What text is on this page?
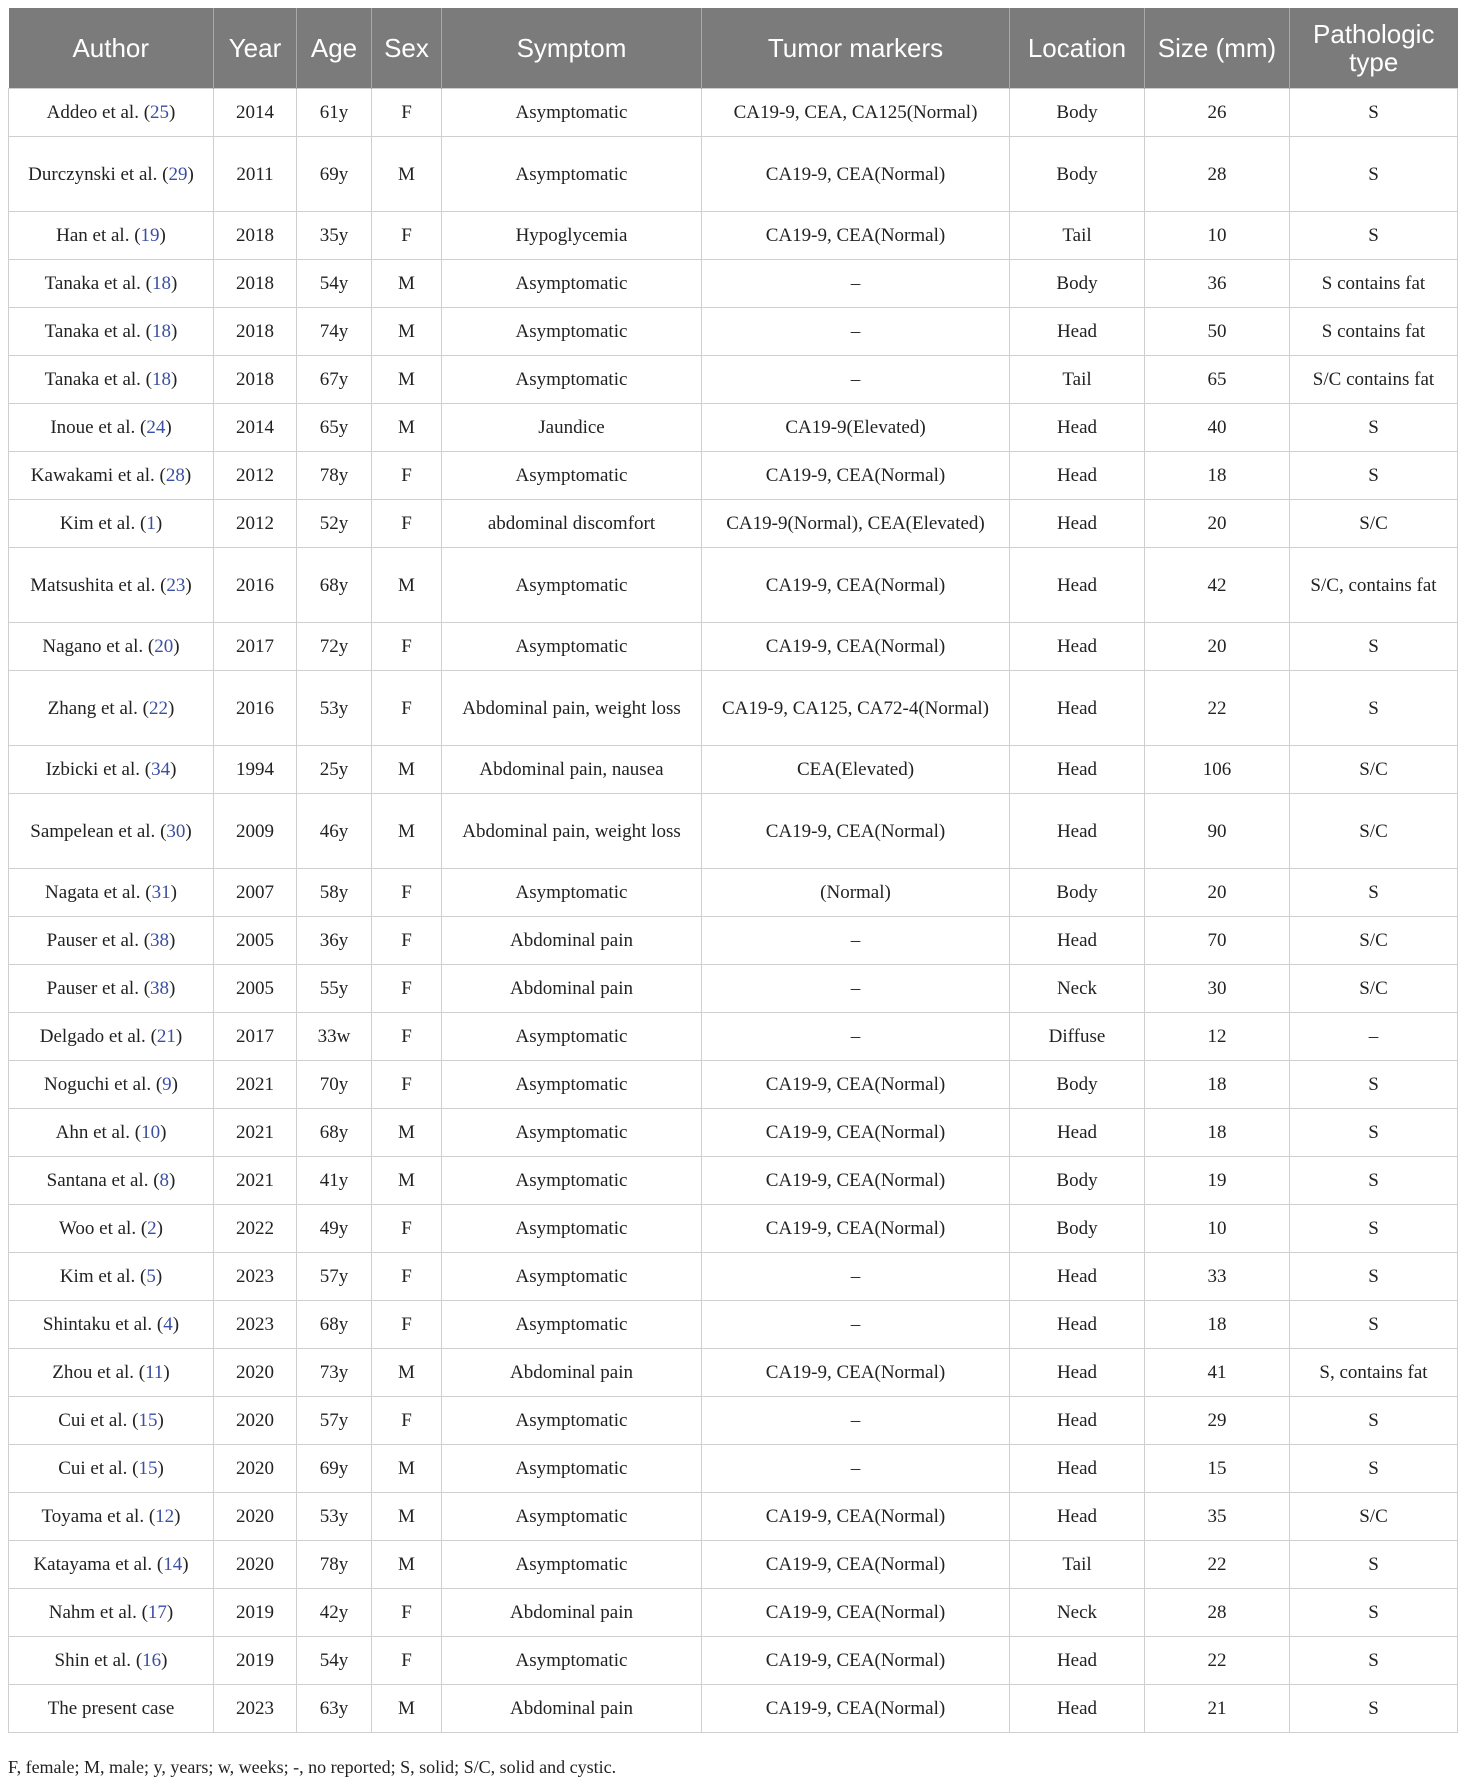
Author	Year	Age	Sex	Symptom	Tumor markers	Location	Size (mm)	Pathologic type
Addeo et al. (25)	2014	61y	F	Asymptomatic	CA19-9, CEA, CA125(Normal)	Body	26	S
Durczynski et al. (29)	2011	69y	M	Asymptomatic	CA19-9, CEA(Normal)	Body	28	S
Han et al. (19)	2018	35y	F	Hypoglycemia	CA19-9, CEA(Normal)	Tail	10	S
Tanaka et al. (18)	2018	54y	M	Asymptomatic	–	Body	36	S contains fat
Tanaka et al. (18)	2018	74y	M	Asymptomatic	–	Head	50	S contains fat
Tanaka et al. (18)	2018	67y	M	Asymptomatic	–	Tail	65	S/C contains fat
Inoue et al. (24)	2014	65y	M	Jaundice	CA19-9(Elevated)	Head	40	S
Kawakami et al. (28)	2012	78y	F	Asymptomatic	CA19-9, CEA(Normal)	Head	18	S
Kim et al. (1)	2012	52y	F	abdominal discomfort	CA19-9(Normal), CEA(Elevated)	Head	20	S/C
Matsushita et al. (23)	2016	68y	M	Asymptomatic	CA19-9, CEA(Normal)	Head	42	S/C, contains fat
Nagano et al. (20)	2017	72y	F	Asymptomatic	CA19-9, CEA(Normal)	Head	20	S
Zhang et al. (22)	2016	53y	F	Abdominal pain, weight loss	CA19-9, CA125, CA72-4(Normal)	Head	22	S
Izbicki et al. (34)	1994	25y	M	Abdominal pain, nausea	CEA(Elevated)	Head	106	S/C
Sampelean et al. (30)	2009	46y	M	Abdominal pain, weight loss	CA19-9, CEA(Normal)	Head	90	S/C
Nagata et al. (31)	2007	58y	F	Asymptomatic	(Normal)	Body	20	S
Pauser et al. (38)	2005	36y	F	Abdominal pain	–	Head	70	S/C
Pauser et al. (38)	2005	55y	F	Abdominal pain	–	Neck	30	S/C
Delgado et al. (21)	2017	33w	F	Asymptomatic	–	Diffuse	12	–
Noguchi et al. (9)	2021	70y	F	Asymptomatic	CA19-9, CEA(Normal)	Body	18	S
Ahn et al. (10)	2021	68y	M	Asymptomatic	CA19-9, CEA(Normal)	Head	18	S
Santana et al. (8)	2021	41y	M	Asymptomatic	CA19-9, CEA(Normal)	Body	19	S
Woo et al. (2)	2022	49y	F	Asymptomatic	CA19-9, CEA(Normal)	Body	10	S
Kim et al. (5)	2023	57y	F	Asymptomatic	–	Head	33	S
Shintaku et al. (4)	2023	68y	F	Asymptomatic	–	Head	18	S
Zhou et al. (11)	2020	73y	M	Abdominal pain	CA19-9, CEA(Normal)	Head	41	S, contains fat
Cui et al. (15)	2020	57y	F	Asymptomatic	–	Head	29	S
Cui et al. (15)	2020	69y	M	Asymptomatic	–	Head	15	S
Toyama et al. (12)	2020	53y	M	Asymptomatic	CA19-9, CEA(Normal)	Head	35	S/C
Katayama et al. (14)	2020	78y	M	Asymptomatic	CA19-9, CEA(Normal)	Tail	22	S
Nahm et al. (17)	2019	42y	F	Abdominal pain	CA19-9, CEA(Normal)	Neck	28	S
Shin et al. (16)	2019	54y	F	Asymptomatic	CA19-9, CEA(Normal)	Head	22	S
The present case	2023	63y	M	Abdominal pain	CA19-9, CEA(Normal)	Head	21	S
F, female; M, male; y, years; w, weeks; -, no reported; S, solid; S/C, solid and cystic.
